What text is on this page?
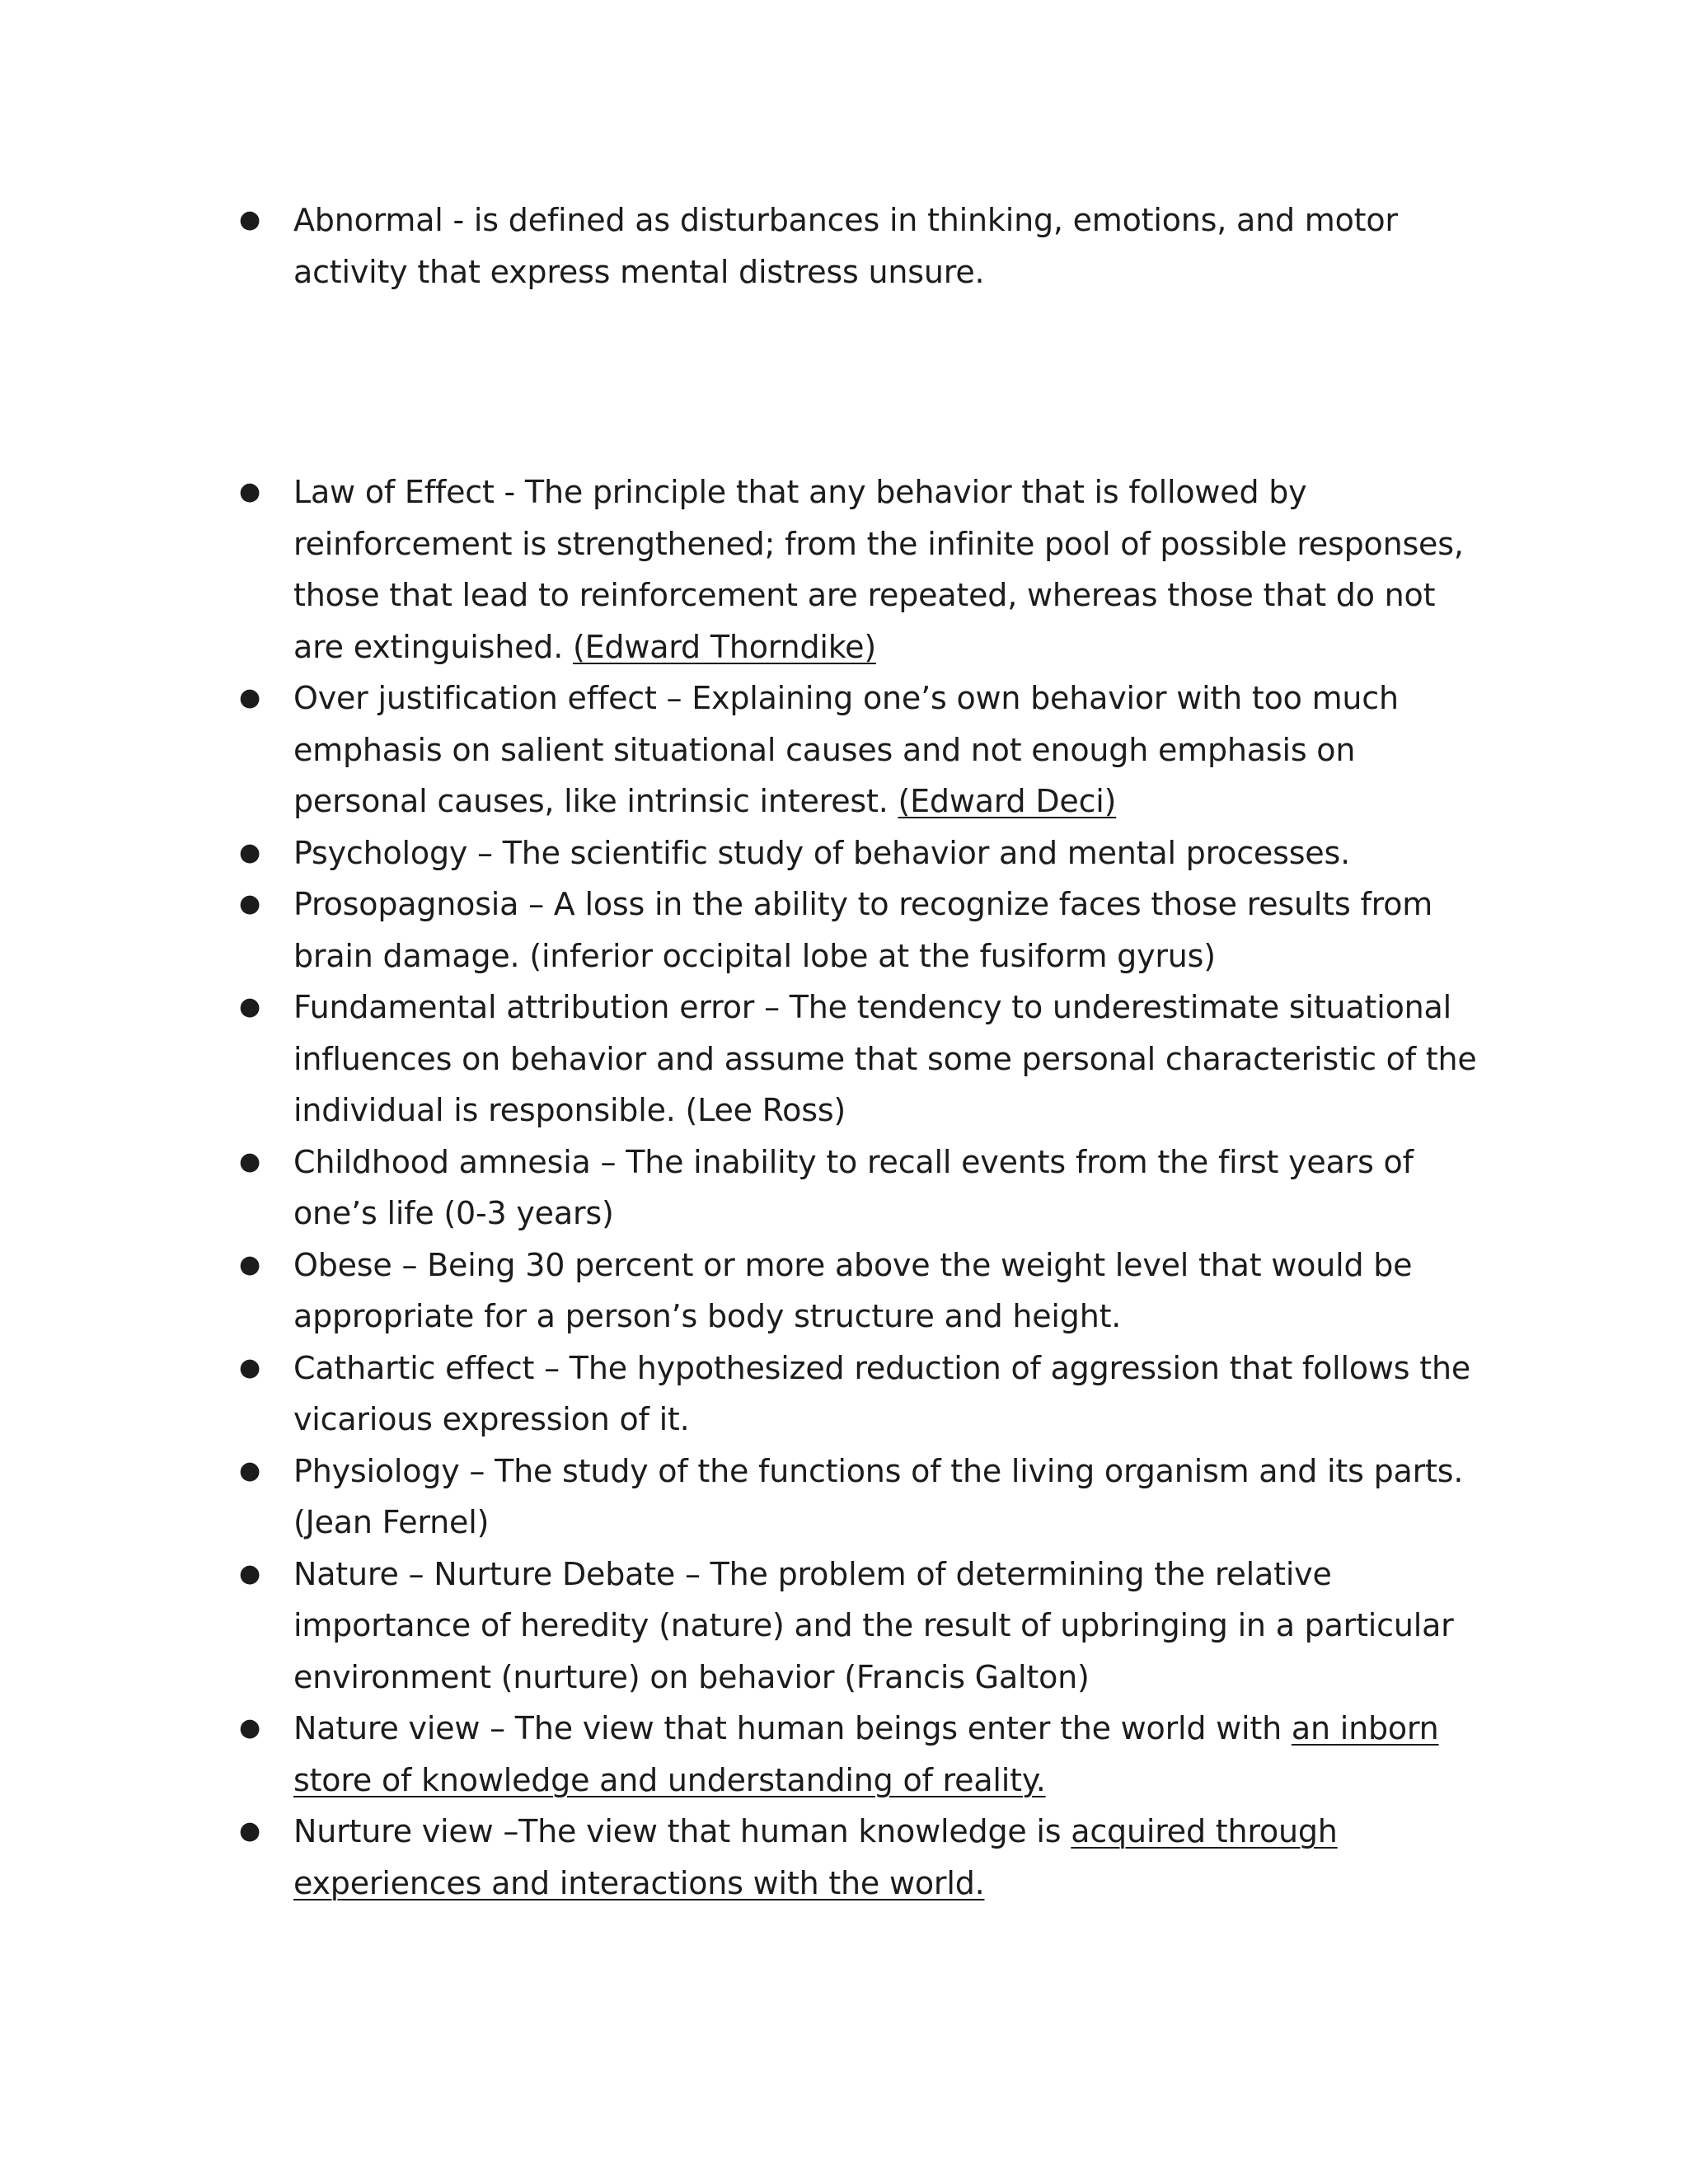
● Abnormal - is defined as disturbances in thinking, emotions, and motor activity that express mental distress unsure.
● Law of Effect - The principle that any behavior that is followed by reinforcement is strengthened; from the infinite pool of possible responses, those that lead to reinforcement are repeated, whereas those that do not are extinguished. (Edward Thorndike)
● Over justification effect – Explaining one’s own behavior with too much emphasis on salient situational causes and not enough emphasis on personal causes, like intrinsic interest. (Edward Deci)
● Psychology – The scientific study of behavior and mental processes.
● Prosopagnosia – A loss in the ability to recognize faces those results from brain damage. (inferior occipital lobe at the fusiform gyrus)
● Fundamental attribution error – The tendency to underestimate situational influences on behavior and assume that some personal characteristic of the individual is responsible. (Lee Ross)
● Childhood amnesia – The inability to recall events from the first years of one’s life (0-3 years)
● Obese – Being 30 percent or more above the weight level that would be appropriate for a person’s body structure and height.
● Cathartic effect – The hypothesized reduction of aggression that follows the vicarious expression of it.
● Physiology – The study of the functions of the living organism and its parts. (Jean Fernel)
● Nature – Nurture Debate – The problem of determining the relative importance of heredity (nature) and the result of upbringing in a particular environment (nurture) on behavior (Francis Galton)
● Nature view – The view that human beings enter the world with an inborn store of knowledge and understanding of reality.
● Nurture view –The view that human knowledge is acquired through experiences and interactions with the world.
